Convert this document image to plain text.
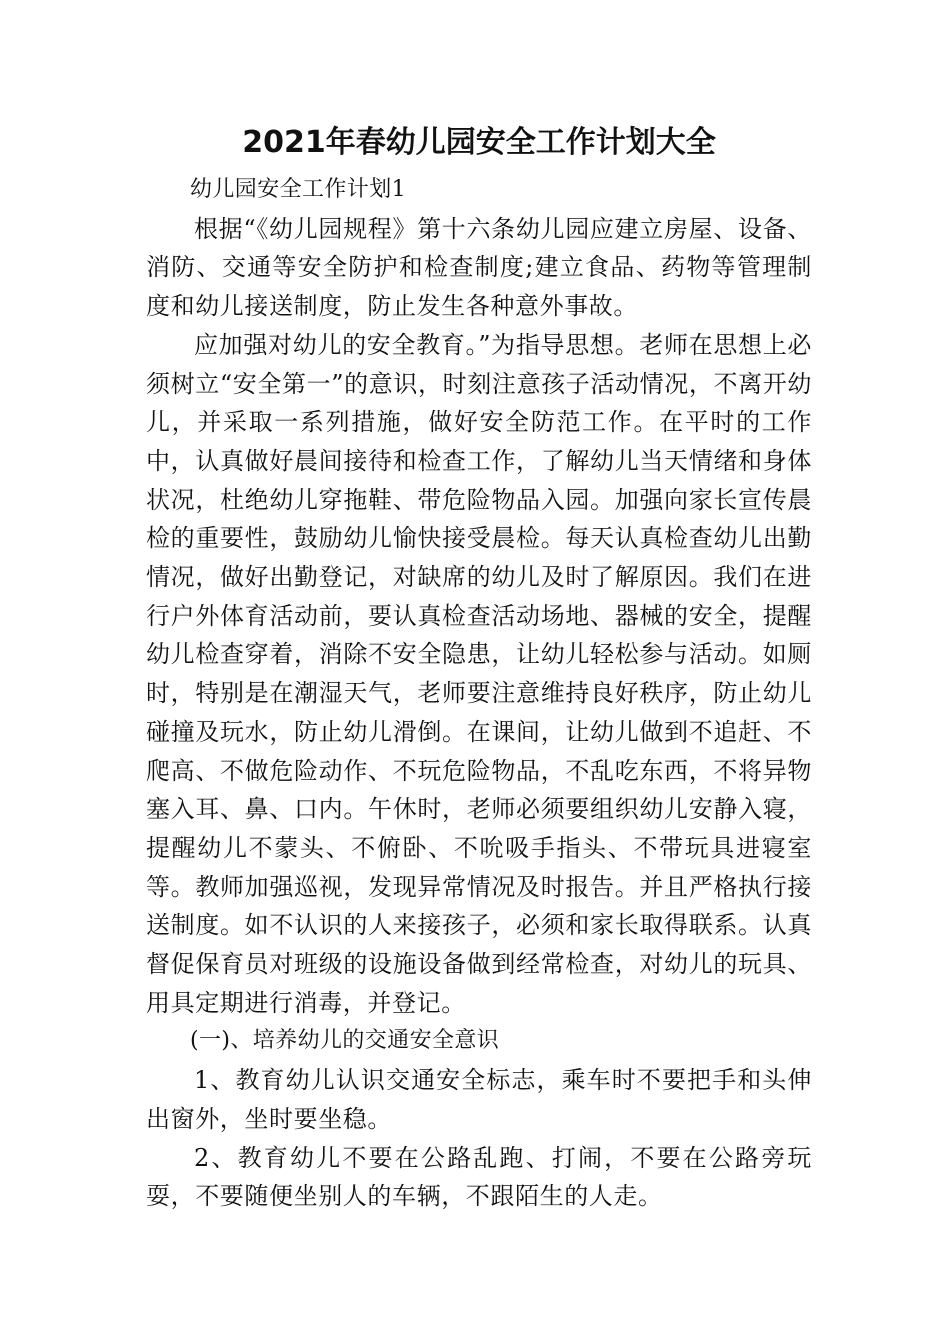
2021年春幼儿园安全工作计划大全

幼儿园安全工作计划1

根据“《幼儿园规程》第十六条幼儿园应建立房屋、设备、消防、交通等安全防护和检查制度;建立食品、药物等管理制度和幼儿接送制度，防止发生各种意外事故。

应加强对幼儿的安全教育。”为指导思想。老师在思想上必须树立“安全第一”的意识，时刻注意孩子活动情况，不离开幼儿，并采取一系列措施，做好安全防范工作。在平时的工作中，认真做好晨间接待和检查工作，了解幼儿当天情绪和身体状况，杜绝幼儿穿拖鞋、带危险物品入园。加强向家长宣传晨检的重要性，鼓励幼儿愉快接受晨检。每天认真检查幼儿出勤情况，做好出勤登记，对缺席的幼儿及时了解原因。我们在进行户外体育活动前，要认真检查活动场地、器械的安全，提醒幼儿检查穿着，消除不安全隐患，让幼儿轻松参与活动。如厕时，特别是在潮湿天气，老师要注意维持良好秩序，防止幼儿碰撞及玩水，防止幼儿滑倒。在课间，让幼儿做到不追赶、不爬高、不做危险动作、不玩危险物品，不乱吃东西，不将异物塞入耳、鼻、口内。午休时，老师必须要组织幼儿安静入寝，提醒幼儿不蒙头、不俯卧、不吮吸手指头、不带玩具进寝室等。教师加强巡视，发现异常情况及时报告。并且严格执行接送制度。如不认识的人来接孩子，必须和家长取得联系。认真督促保育员对班级的设施设备做到经常检查，对幼儿的玩具、用具定期进行消毒，并登记。

(一)、培养幼儿的交通安全意识

1、教育幼儿认识交通安全标志，乘车时不要把手和头伸出窗外，坐时要坐稳。

2、教育幼儿不要在公路乱跑、打闹，不要在公路旁玩耍，不要随便坐别人的车辆，不跟陌生的人走。
